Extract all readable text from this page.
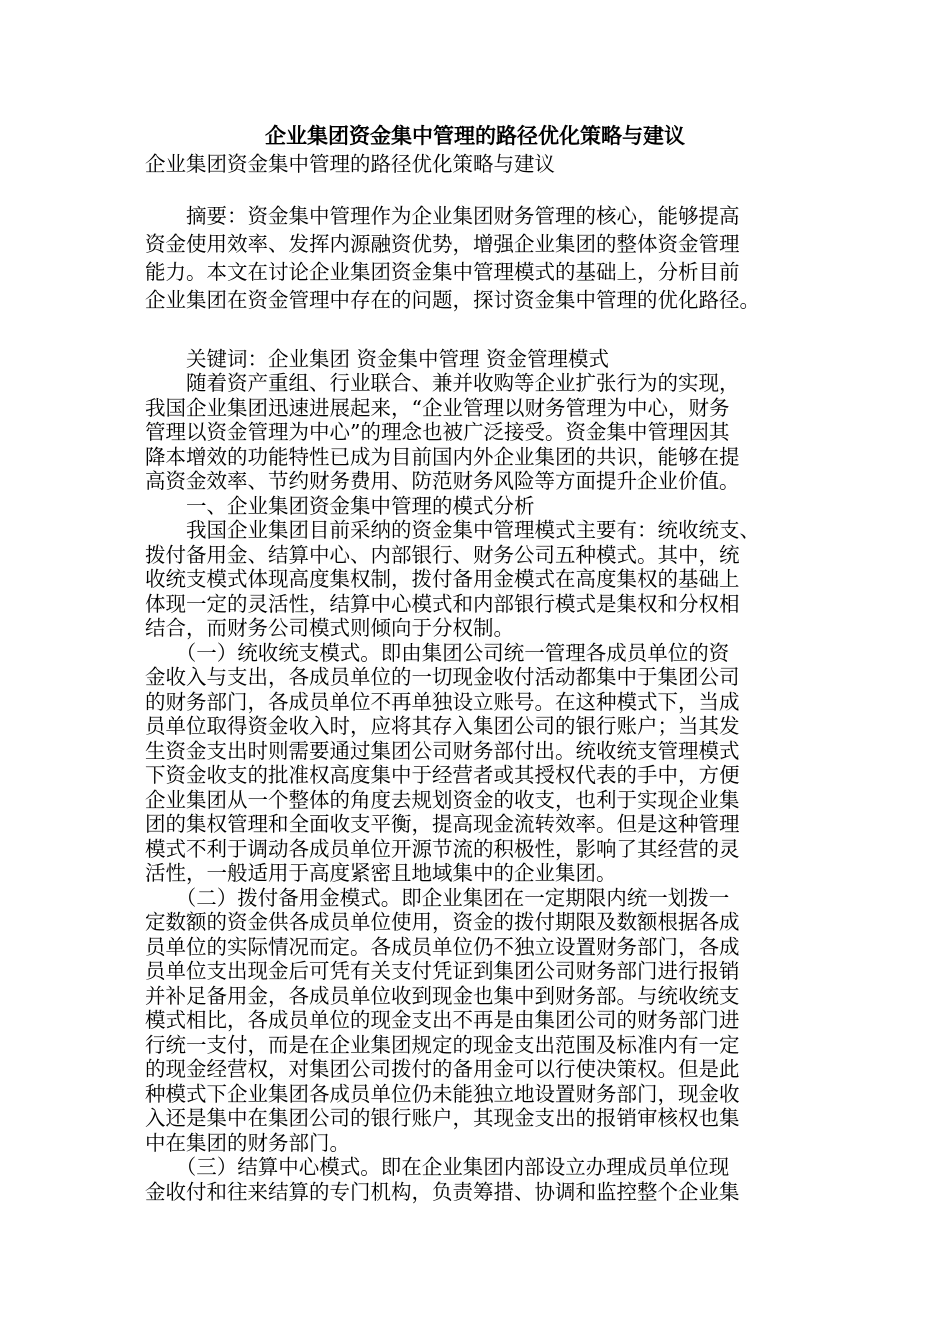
企业集团资金集中管理的路径优化策略与建议

企业集团资金集中管理的路径优化策略与建议

　　摘要：资金集中管理作为企业集团财务管理的核心，能够提高
资金使用效率、发挥内源融资优势，增强企业集团的整体资金管理
能力。本文在讨论企业集团资金集中管理模式的基础上，分析目前
企业集团在资金管理中存在的问题，探讨资金集中管理的优化路径。
　　关键词：企业集团 资金集中管理 资金管理模式
　　随着资产重组、行业联合、兼并收购等企业扩张行为的实现，
我国企业集团迅速进展起来，“企业管理以财务管理为中心，财务
管理以资金管理为中心”的理念也被广泛接受。资金集中管理因其
降本增效的功能特性已成为目前国内外企业集团的共识，能够在提
高资金效率、节约财务费用、防范财务风险等方面提升企业价值。
　　一、企业集团资金集中管理的模式分析
　　我国企业集团目前采纳的资金集中管理模式主要有：统收统支、
拨付备用金、结算中心、内部银行、财务公司五种模式。其中，统
收统支模式体现高度集权制，拨付备用金模式在高度集权的基础上
体现一定的灵活性，结算中心模式和内部银行模式是集权和分权相
结合，而财务公司模式则倾向于分权制。
　　（一）统收统支模式。即由集团公司统一管理各成员单位的资
金收入与支出，各成员单位的一切现金收付活动都集中于集团公司
的财务部门，各成员单位不再单独设立账号。在这种模式下，当成
员单位取得资金收入时，应将其存入集团公司的银行账户；当其发
生资金支出时则需要通过集团公司财务部付出。统收统支管理模式
下资金收支的批准权高度集中于经营者或其授权代表的手中，方便
企业集团从一个整体的角度去规划资金的收支，也利于实现企业集
团的集权管理和全面收支平衡，提高现金流转效率。但是这种管理
模式不利于调动各成员单位开源节流的积极性，影响了其经营的灵
活性，一般适用于高度紧密且地域集中的企业集团。
　　（二）拨付备用金模式。即企业集团在一定期限内统一划拨一
定数额的资金供各成员单位使用，资金的拨付期限及数额根据各成
员单位的实际情况而定。各成员单位仍不独立设置财务部门，各成
员单位支出现金后可凭有关支付凭证到集团公司财务部门进行报销
并补足备用金，各成员单位收到现金也集中到财务部。与统收统支
模式相比，各成员单位的现金支出不再是由集团公司的财务部门进
行统一支付，而是在企业集团规定的现金支出范围及标准内有一定
的现金经营权，对集团公司拨付的备用金可以行使决策权。但是此
种模式下企业集团各成员单位仍未能独立地设置财务部门，现金收
入还是集中在集团公司的银行账户，其现金支出的报销审核权也集
中在集团的财务部门。
　　（三）结算中心模式。即在企业集团内部设立办理成员单位现
金收付和往来结算的专门机构，负责筹措、协调和监控整个企业集
